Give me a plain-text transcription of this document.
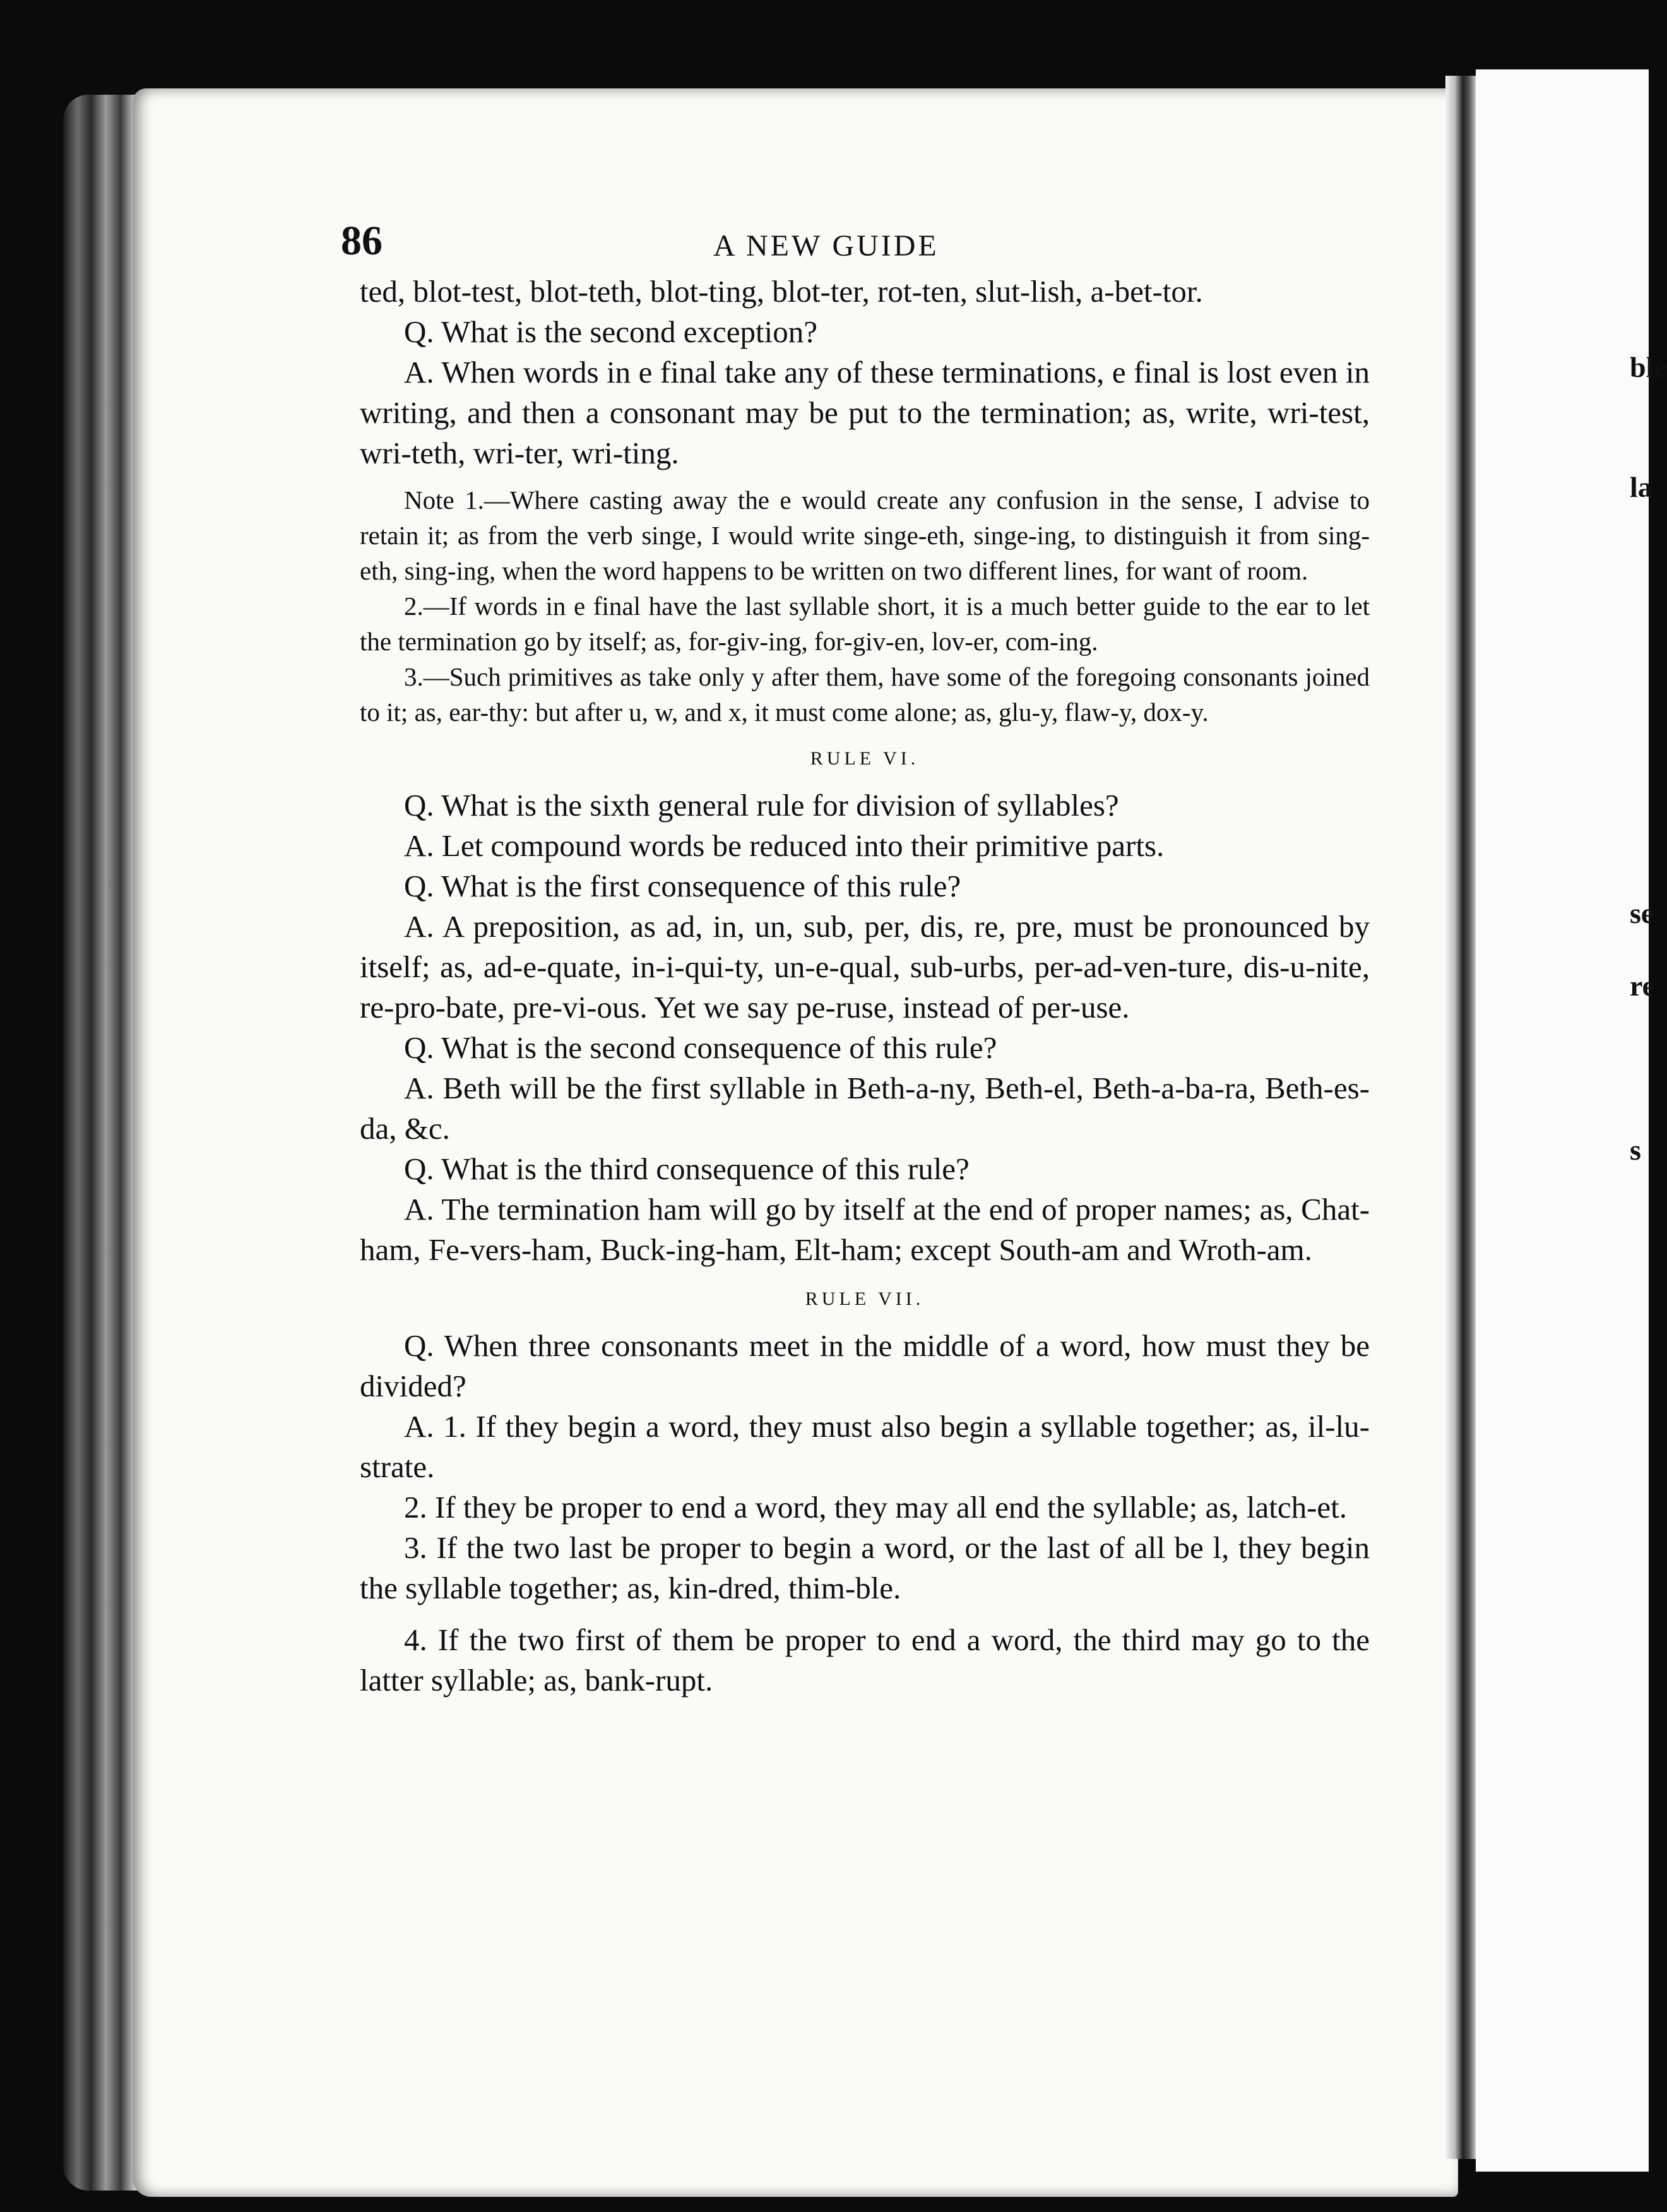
ble
la
se
re
s
86	A NEW GUIDE

ted, blot-test, blot-teth, blot-ting, blot-ter, rot-ten, slut-lish, a-bet-tor.

Q. What is the second exception?

A. When words in e final take any of these terminations, e final is lost even in writing, and then a consonant may be put to the termination; as, write, wri-test, wri-teth, wri-ter, wri-ting.

Note 1.—Where casting away the e would create any confusion in the sense, I advise to retain it; as from the verb singe, I would write singe-eth, singe-ing, to distinguish it from sing-eth, sing-ing, when the word happens to be written on two different lines, for want of room.

2.—If words in e final have the last syllable short, it is a much better guide to the ear to let the termination go by itself; as, for-giv-ing, for-giv-en, lov-er, com-ing.

3.—Such primitives as take only y after them, have some of the foregoing consonants joined to it; as, ear-thy: but after u, w, and x, it must come alone; as, glu-y, flaw-y, dox-y.

RULE VI.

Q. What is the sixth general rule for division of syllables?

A. Let compound words be reduced into their primitive parts.

Q. What is the first consequence of this rule?

A. A preposition, as ad, in, un, sub, per, dis, re, pre, must be pronounced by itself; as, ad-e-quate, in-i-qui-ty, un-e-qual, sub-urbs, per-ad-ven-ture, dis-u-nite, re-pro-bate, pre-vi-ous. Yet we say pe-ruse, instead of per-use.

Q. What is the second consequence of this rule?

A. Beth will be the first syllable in Beth-a-ny, Beth-el, Beth-a-ba-ra, Beth-es-da, &c.

Q. What is the third consequence of this rule?

A. The termination ham will go by itself at the end of proper names; as, Chat-ham, Fe-vers-ham, Buck-ing-ham, Elt-ham; except South-am and Wroth-am.

RULE VII.

Q. When three consonants meet in the middle of a word, how must they be divided?

A. 1. If they begin a word, they must also begin a syllable together; as, il-lu-strate.

2. If they be proper to end a word, they may all end the syllable; as, latch-et.

3. If the two last be proper to begin a word, or the last of all be l, they begin the syllable together; as, kin-dred, thim-ble.

4. If the two first of them be proper to end a word, the third may go to the latter syllable; as, bank-rupt.
